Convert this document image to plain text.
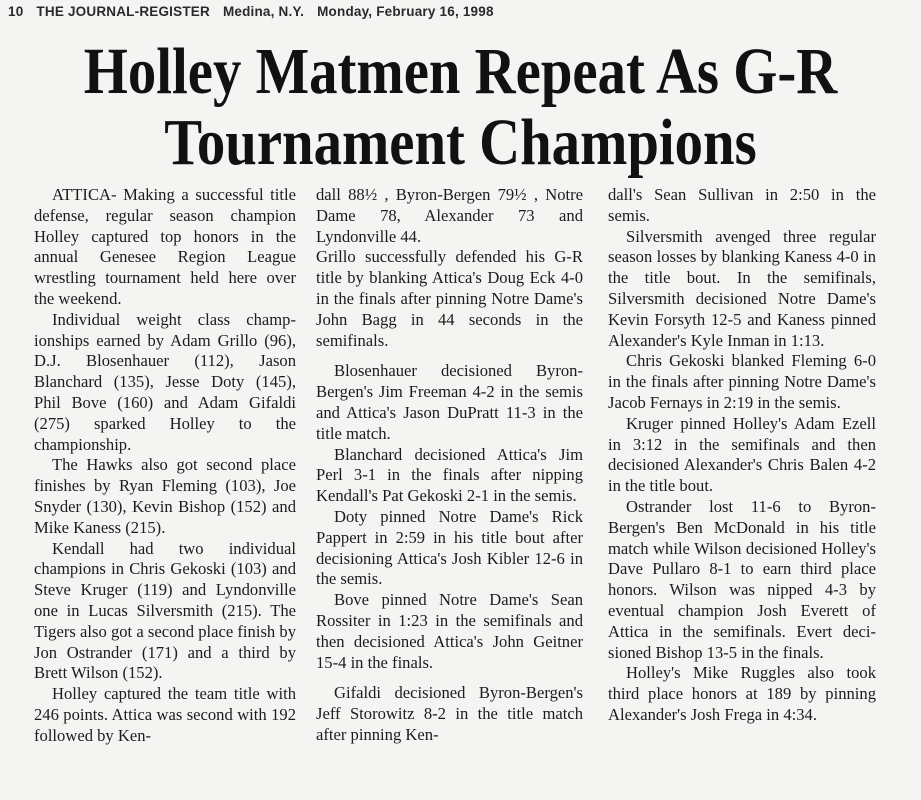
10 THE JOURNAL-REGISTER Medina, N.Y. Monday, February 16, 1998
Holley Matmen Repeat As G-R
Tournament Champions

ATTICA- Making a successful title defense, regular season champion Holley captured top honors in the annual Genesee Region League wrestling tournament held here over the weekend.

Individual weight class championships earned by Adam Grillo (96), D.J. Blosenhauer (112), Jason Blanchard (135), Jesse Doty (145), Phil Bove (160) and Adam Gifaldi (275) sparked Holley to the championship.

The Hawks also got second place finishes by Ryan Fleming (103), Joe Snyder (130), Kevin Bishop (152) and Mike Kaness (215).

Kendall had two individual champions in Chris Gekoski (103) and Steve Kruger (119) and Lyndonville one in Lucas Silversmith (215). The Tigers also got a second place finish by Jon Ostrander (171) and a third by Brett Wilson (152).

Holley captured the team title with 246 points. Attica was second with 192 followed by Ken-

dall 88½ , Byron-Bergen 79½ , Notre Dame 78, Alexander 73 and Lyndonville 44.

Grillo successfully defended his G-R title by blanking Attica's Doug Eck 4-0 in the finals after pinning Notre Dame's John Bagg in 44 seconds in the semifinals.

Blosenhauer decisioned Byron-Bergen's Jim Freeman 4-2 in the semis and Attica's Jason DuPratt 11-3 in the title match.

Blanchard decisioned Attica's Jim Perl 3-1 in the finals after nipping Kendall's Pat Gekoski 2-1 in the semis.

Doty pinned Notre Dame's Rick Pappert in 2:59 in his title bout after decisioning Attica's Josh Kibler 12-6 in the semis.

Bove pinned Notre Dame's Sean Rossiter in 1:23 in the semifinals and then decisioned Attica's John Geitner 15-4 in the finals.

Gifaldi decisioned Byron-Bergen's Jeff Storowitz 8-2 in the title match after pinning Ken-

dall's Sean Sullivan in 2:50 in the semis.

Silversmith avenged three regular season losses by blanking Kaness 4-0 in the title bout. In the semifinals, Silversmith decisioned Notre Dame's Kevin Forsyth 12-5 and Kaness pinned Alexander's Kyle Inman in 1:13.

Chris Gekoski blanked Fleming 6-0 in the finals after pinning Notre Dame's Jacob Fernays in 2:19 in the semis.

Kruger pinned Holley's Adam Ezell in 3:12 in the semifinals and then decisioned Alexander's Chris Balen 4-2 in the title bout.

Ostrander lost 11-6 to Byron-Bergen's Ben McDonald in his title match while Wilson decisioned Holley's Dave Pullaro 8-1 to earn third place honors. Wilson was nipped 4-3 by eventual champion Josh Everett of Attica in the semifinals. Evert decisioned Bishop 13-5 in the finals.

Holley's Mike Ruggles also took third place honors at 189 by pinning Alexander's Josh Frega in 4:34.
